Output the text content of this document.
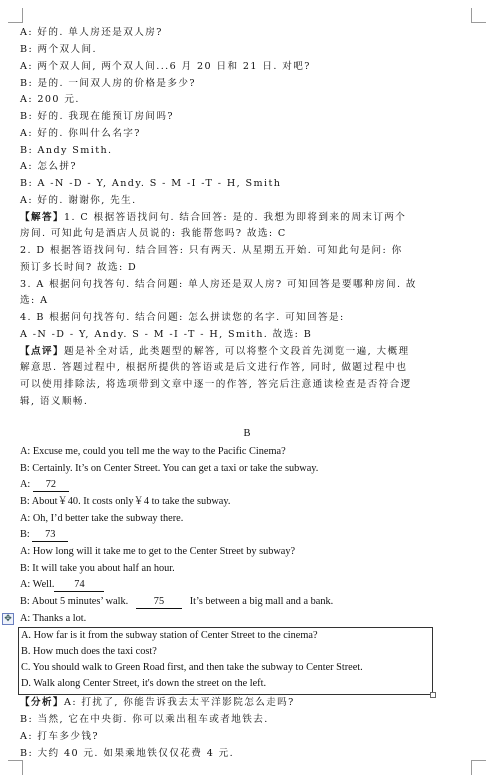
A: 好的. 单人房还是双人房?
B: 两个双人间.
A: 两个双人间, 两个双人间...6 月 20 日和 21 日. 对吧?
B: 是的. 一间双人房的价格是多少?
A: 200 元.
B: 好的. 我现在能预订房间吗?
A: 好的. 你叫什么名字?
B: Andy Smith.
A: 怎么拼?
B: A -N -D - Y, Andy. S - M -I -T - H, Smith
A: 好的. 谢谢你, 先生.
【解答】1. C 根据答语找问句. 结合回答: 是的. 我想为即将到来的周末订两个
房间. 可知此句是酒店人员说的: 我能帮您吗? 故选: C
2. D 根据答语找问句. 结合回答: 只有两天. 从星期五开始. 可知此句是问: 你
预订多长时间? 故选: D
3. A 根据问句找答句. 结合问题: 单人房还是双人房? 可知回答是要哪种房间. 故
选: A
4. B 根据问句找答句. 结合问题: 怎么拼读您的名字. 可知回答是:
A -N -D - Y, Andy. S - M -I -T - H, Smith. 故选: B
【点评】题是补全对话, 此类题型的解答, 可以将整个文段首先浏览一遍, 大概理
解意思. 答题过程中, 根据所提供的答语或是后文进行作答, 同时, 做题过程中也
可以使用排除法, 将选项带到文章中逐一的作答, 答完后注意通读检查是否符合逻
辑, 语义顺畅.
B
A: Excuse me, could you tell me the way to the Pacific Cinema?
B: Certainly. It’s on Center Street. You can get a taxi or take the subway.
A: 72
B: About￥40. It costs only￥4 to take the subway.
A: Oh, I’d better take the subway there.
B: 73
A: How long will it take me to get to the Center Street by subway?
B: It will take you about half an hour.
A: Well. 74
B: About 5 minutes’ walk. 75 It’s between a big mall and a bank.
A: Thanks a lot.
✥
A. How far is it from the subway station of Center Street to the cinema?
B. How much does the taxi cost?
C. You should walk to Green Road first, and then take the subway to Center Street.
D. Walk along Center Street, it's down the street on the left.
【分析】A: 打扰了, 你能告诉我去太平洋影院怎么走吗?
B: 当然, 它在中央街. 你可以乘出租车或者地铁去.
A: 打车多少钱?
B: 大约 40 元. 如果乘地铁仅仅花费 4 元.
